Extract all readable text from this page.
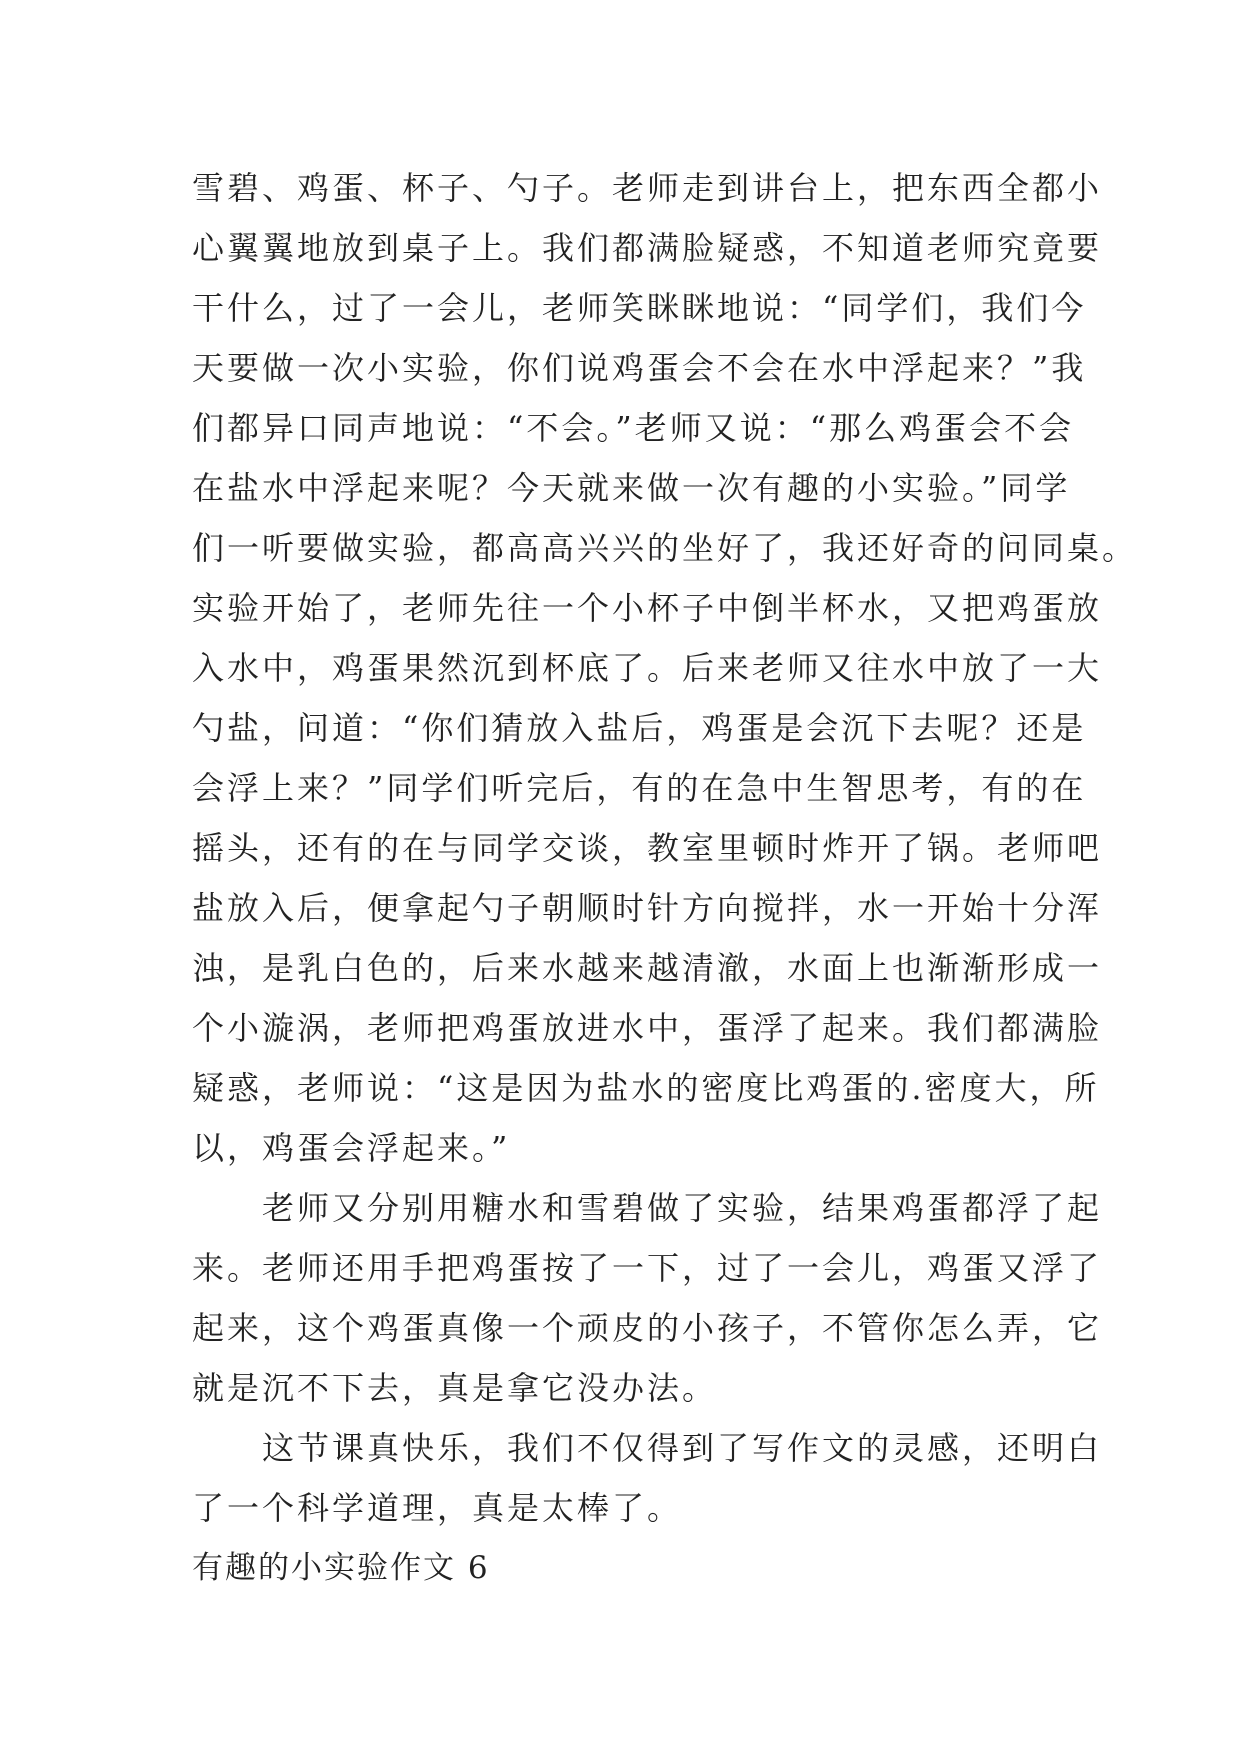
雪碧、鸡蛋、杯子、勺子。老师走到讲台上，把东西全都小
心翼翼地放到桌子上。我们都满脸疑惑，不知道老师究竟要
干什么，过了一会儿，老师笑眯眯地说：“同学们，我们今
天要做一次小实验，你们说鸡蛋会不会在水中浮起来？”我
们都异口同声地说：“不会。”老师又说：“那么鸡蛋会不会
在盐水中浮起来呢？今天就来做一次有趣的小实验。”同学
们一听要做实验，都高高兴兴的坐好了，我还好奇的问同桌。
实验开始了，老师先往一个小杯子中倒半杯水，又把鸡蛋放
入水中，鸡蛋果然沉到杯底了。后来老师又往水中放了一大
勺盐，问道：“你们猜放入盐后，鸡蛋是会沉下去呢？还是
会浮上来？”同学们听完后，有的在急中生智思考，有的在
摇头，还有的在与同学交谈，教室里顿时炸开了锅。老师吧
盐放入后，便拿起勺子朝顺时针方向搅拌，水一开始十分浑
浊，是乳白色的，后来水越来越清澈，水面上也渐渐形成一
个小漩涡，老师把鸡蛋放进水中，蛋浮了起来。我们都满脸
疑惑，老师说：“这是因为盐水的密度比鸡蛋的.密度大，所
以，鸡蛋会浮起来。”
　　老师又分别用糖水和雪碧做了实验，结果鸡蛋都浮了起
来。老师还用手把鸡蛋按了一下，过了一会儿，鸡蛋又浮了
起来，这个鸡蛋真像一个顽皮的小孩子，不管你怎么弄，它
就是沉不下去，真是拿它没办法。
　　这节课真快乐，我们不仅得到了写作文的灵感，还明白
了一个科学道理，真是太棒了。
有趣的小实验作文 6
